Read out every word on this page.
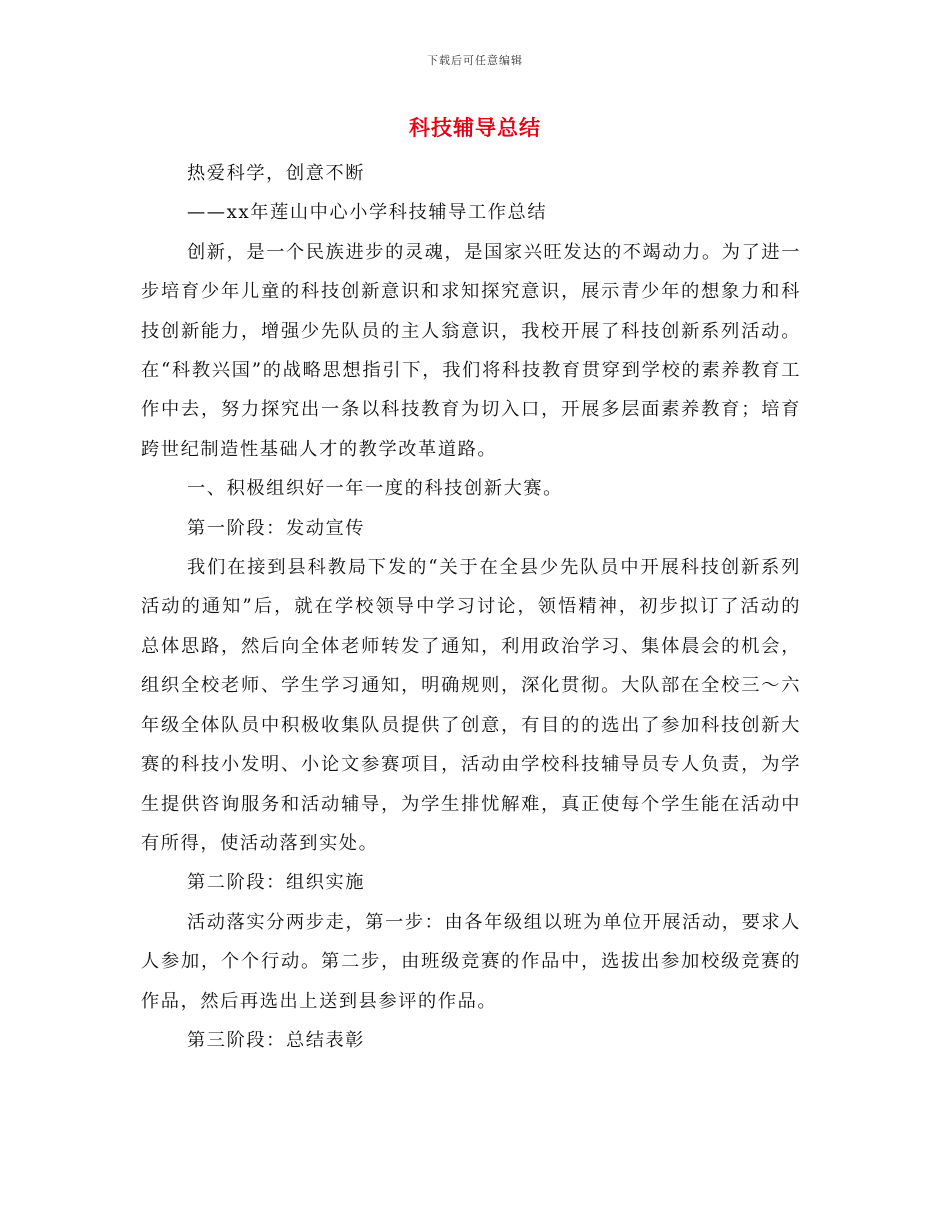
下载后可任意编辑
科技辅导总结

热爱科学，创意不断

——xx年莲山中心小学科技辅导工作总结

创新，是一个民族进步的灵魂，是国家兴旺发达的不竭动力。为了进一步培育少年儿童的科技创新意识和求知探究意识，展示青少年的想象力和科技创新能力，增强少先队员的主人翁意识，我校开展了科技创新系列活动。在“科教兴国”的战略思想指引下，我们将科技教育贯穿到学校的素养教育工作中去，努力探究出一条以科技教育为切入口，开展多层面素养教育；培育跨世纪制造性基础人才的教学改革道路。

一、积极组织好一年一度的科技创新大赛。

第一阶段：发动宣传

我们在接到县科教局下发的“关于在全县少先队员中开展科技创新系列活动的通知”后，就在学校领导中学习讨论，领悟精神，初步拟订了活动的总体思路，然后向全体老师转发了通知，利用政治学习、集体晨会的机会，组织全校老师、学生学习通知，明确规则，深化贯彻。大队部在全校三～六年级全体队员中积极收集队员提供了创意，有目的的选出了参加科技创新大赛的科技小发明、小论文参赛项目，活动由学校科技辅导员专人负责，为学生提供咨询服务和活动辅导，为学生排忧解难，真正使每个学生能在活动中有所得，使活动落到实处。

第二阶段：组织实施

活动落实分两步走，第一步：由各年级组以班为单位开展活动，要求人人参加，个个行动。第二步，由班级竞赛的作品中，选拔出参加校级竞赛的作品，然后再选出上送到县参评的作品。

第三阶段：总结表彰
